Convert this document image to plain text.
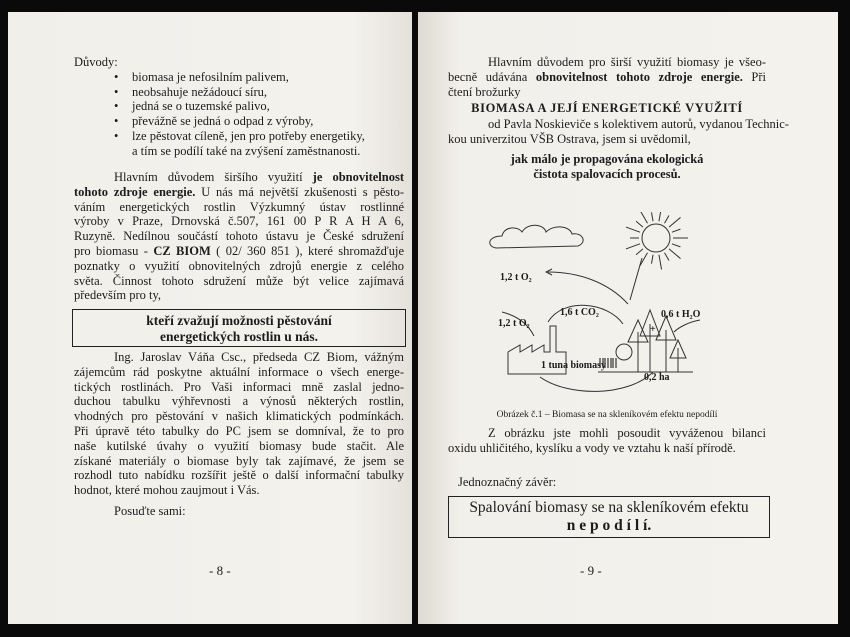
Důvody:
• biomasa je nefosilním palivem,
• neobsahuje nežádoucí síru,
• jedná se o tuzemské palivo,
• převážně se jedná o odpad z výroby,
• lze pěstovat cíleně, jen pro potřeby energetiky,
a tím se podílí také na zvýšení zaměstnanosti.
Hlavním důvodem širšího využití je obnovitelnost
tohoto zdroje energie. U nás má největší zkušenosti s pěsto-
váním energetických rostlin Výzkumný ústav rostlinné
výroby v Praze, Drnovská č.507, 161 00 P R A H A 6,
Ruzyně. Nedílnou součástí tohoto ústavu je České sdružení
pro biomasu - CZ BIOM ( 02/ 360 851 ), které shromažďuje
poznatky o využití obnovitelných zdrojů energie z celého
světa. Činnost tohoto sdružení může být velice zajímavá
především pro ty,
kteří zvažují možnosti pěstování
energetických rostlin u nás.
Ing. Jaroslav Váňa Csc., předseda CZ Biom, vážným
zájemcům rád poskytne aktuální informace o všech energe-
tických rostlinách. Pro Vaši informaci mně zaslal jedno-
duchou tabulku výhřevnosti a výnosů některých rostlin,
vhodných pro pěstování v našich klimatických podmínkách.
Při úpravě této tabulky do PC jsem se domníval, že to pro
naše kutilské úvahy o využití biomasy bude stačit. Ale
získané materiály o biomase byly tak zajímavé, že jsem se
rozhodl tuto nabídku rozšířit ještě o další informační tabulky
hodnot, které mohou zaujmout i Vás.
Posuďte sami:
- 8 -
Hlavním důvodem pro širší využití biomasy je všeo-
becně udávána obnovitelnost tohoto zdroje energie. Při
čtení brožurky
BIOMASA A JEJÍ ENERGETICKÉ VYUŽITÍ
od Pavla Noskieviče s kolektivem autorů, vydanou Technic-
kou univerzitou VŠB Ostrava, jsem si uvědomil,
jak málo je propagována ekologická
čistota spalovacích procesů.
1,2 t O₂
1,2 t O₂
1,6 t CO₂
+
0,6 t H₂O
1 tuna biomasy
0,2 ha
Obrázek č.1 – Biomasa se na skleníkovém efektu nepodílí
Z obrázku jste mohli posoudit vyváženou bilanci
oxidu uhličitého, kyslíku a vody ve vztahu k naší přírodě.
Jednoznačný závěr:
Spalování biomasy se na skleníkovém efektu
n e p o d í l í.
- 9 -
